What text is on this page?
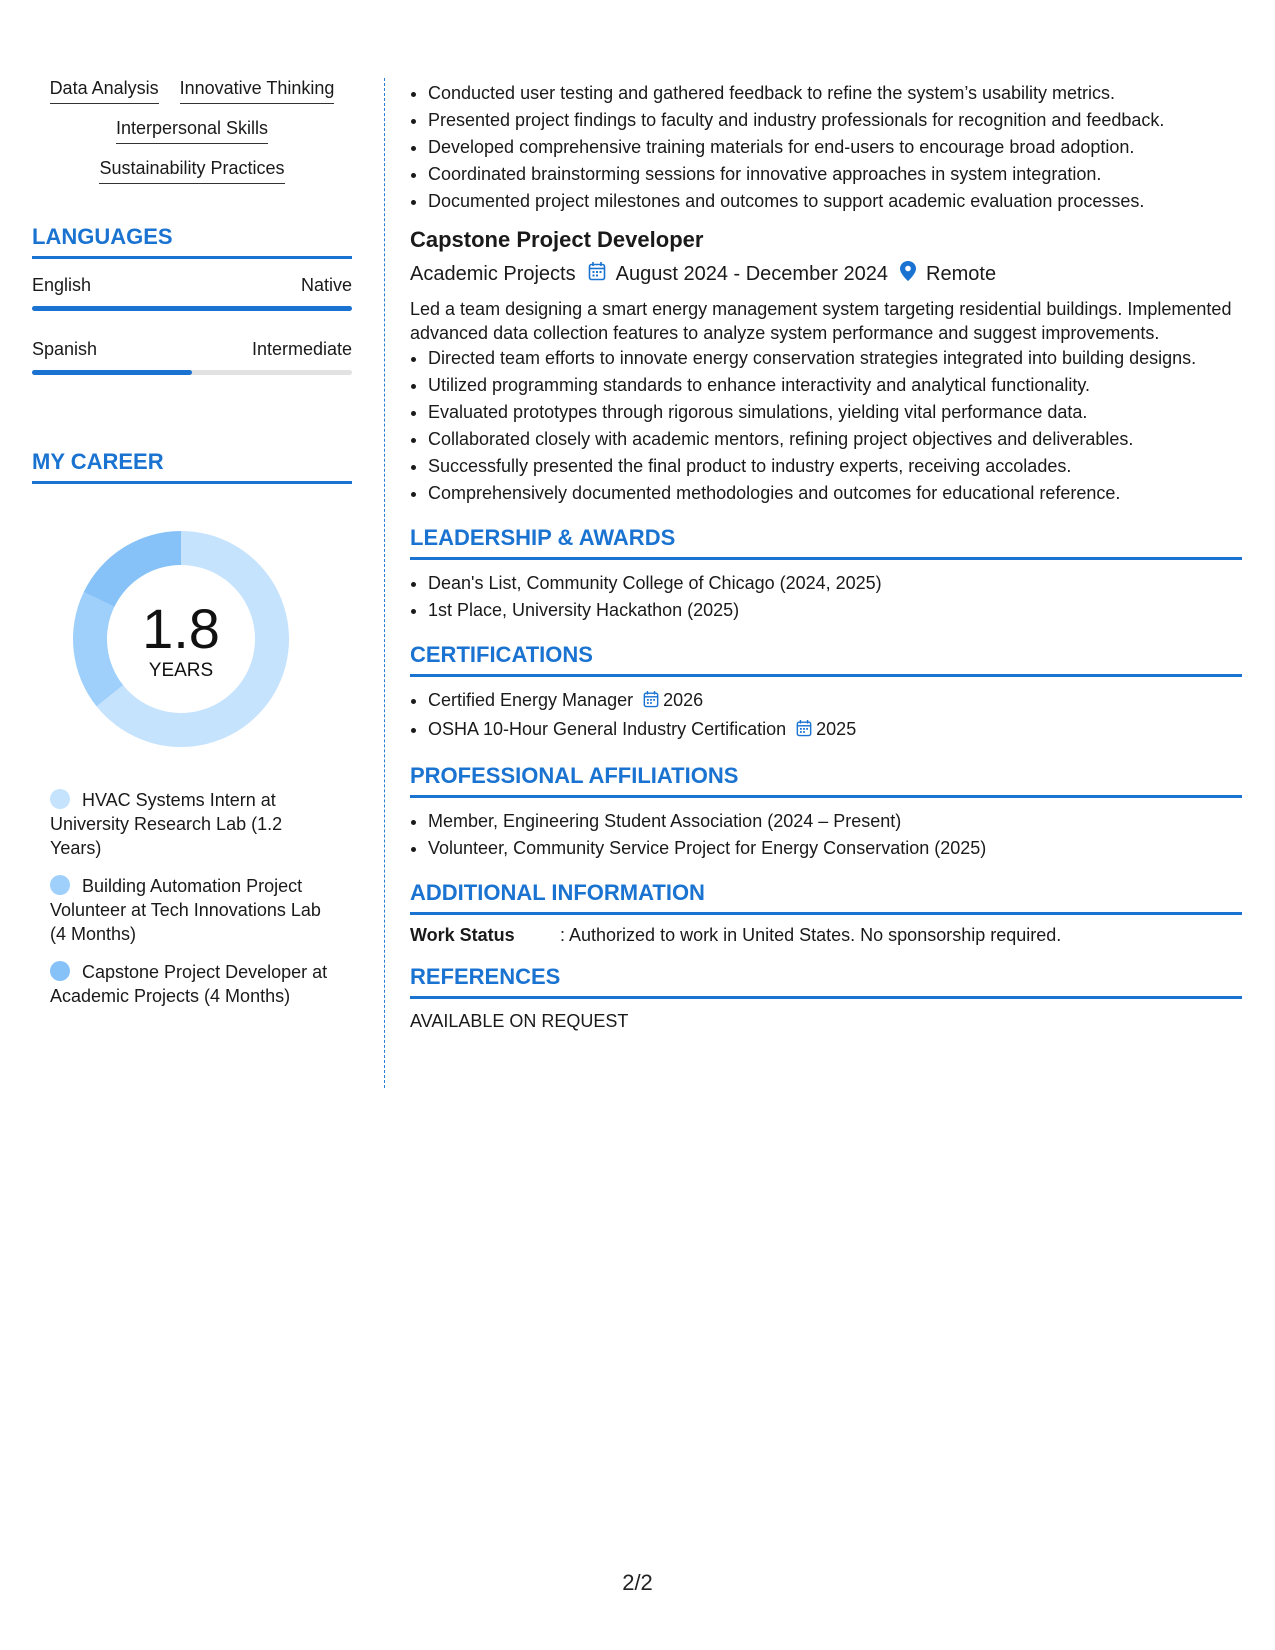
Data Analysis Innovative Thinking
Interpersonal Skills
Sustainability Practices
LANGUAGES
English	Native
Spanish	Intermediate
MY CAREER
1.8
YEARS
HVAC Systems Intern at University Research Lab (1.2 Years)
Building Automation Project Volunteer at Tech Innovations Lab (4 Months)
Capstone Project Developer at Academic Projects (4 Months)
• Conducted user testing and gathered feedback to refine the system’s usability metrics.
• Presented project findings to faculty and industry professionals for recognition and feedback.
• Developed comprehensive training materials for end-users to encourage broad adoption.
• Coordinated brainstorming sessions for innovative approaches in system integration.
• Documented project milestones and outcomes to support academic evaluation processes.
Capstone Project Developer
Academic Projects August 2024 - December 2024 Remote
Led a team designing a smart energy management system targeting residential buildings. Implemented advanced data collection features to analyze system performance and suggest improvements.
• Directed team efforts to innovate energy conservation strategies integrated into building designs.
• Utilized programming standards to enhance interactivity and analytical functionality.
• Evaluated prototypes through rigorous simulations, yielding vital performance data.
• Collaborated closely with academic mentors, refining project objectives and deliverables.
• Successfully presented the final product to industry experts, receiving accolades.
• Comprehensively documented methodologies and outcomes for educational reference.
LEADERSHIP & AWARDS
• Dean's List, Community College of Chicago (2024, 2025)
• 1st Place, University Hackathon (2025)
CERTIFICATIONS
• Certified Energy Manager 2026
• OSHA 10-Hour General Industry Certification 2025
PROFESSIONAL AFFILIATIONS
• Member, Engineering Student Association (2024 – Present)
• Volunteer, Community Service Project for Energy Conservation (2025)
ADDITIONAL INFORMATION
Work Status	: Authorized to work in United States. No sponsorship required.
REFERENCES
AVAILABLE ON REQUEST
2/2
